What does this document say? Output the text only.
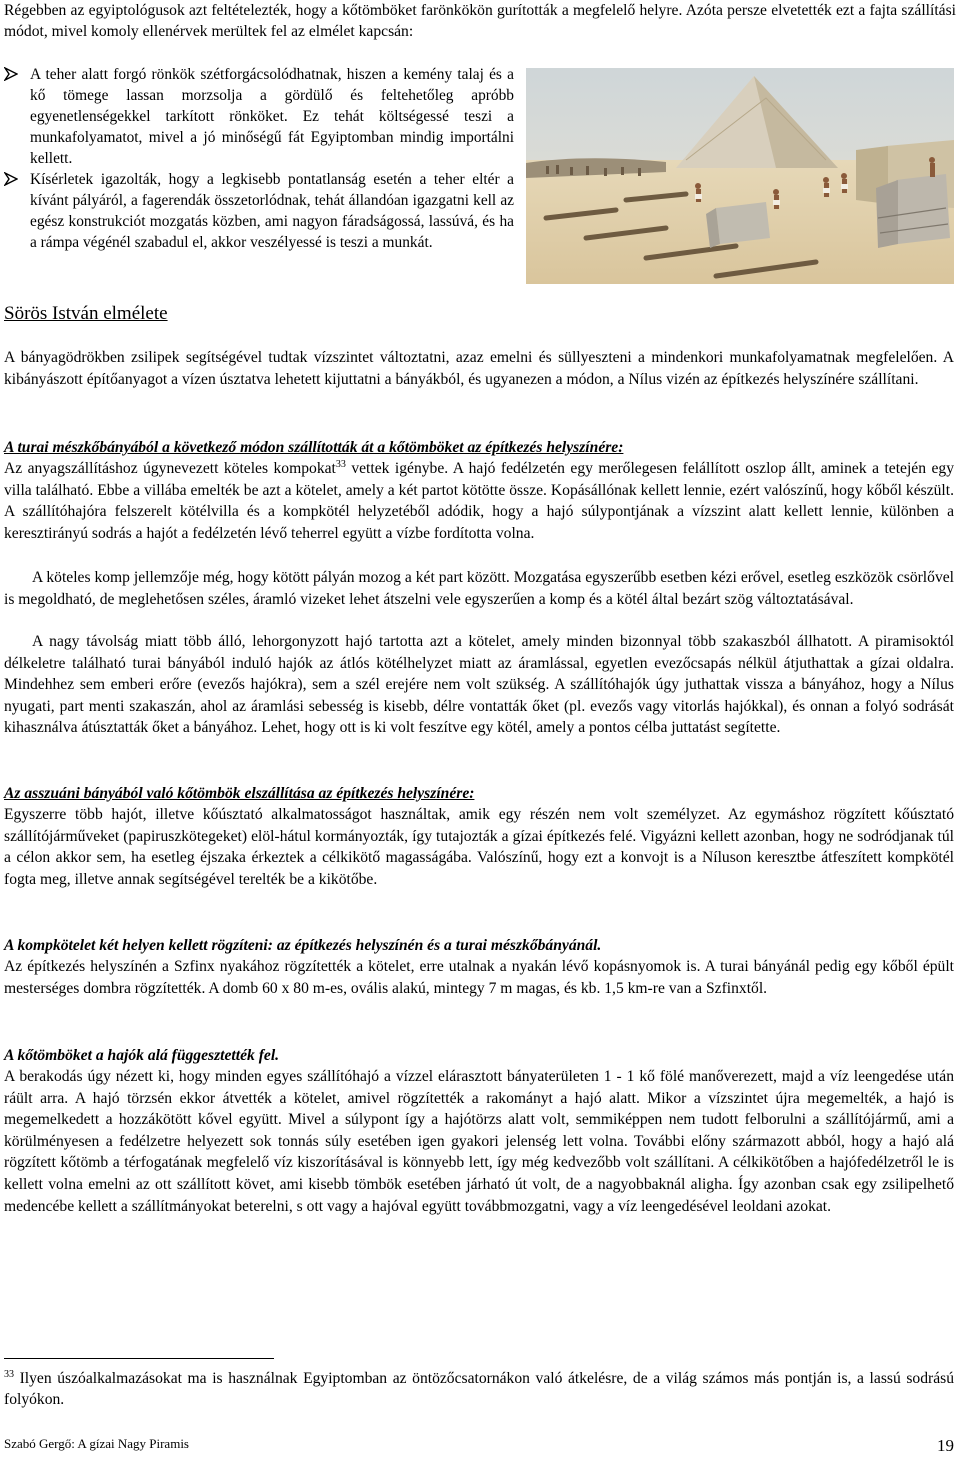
Régebben az egyiptológusok azt feltételezték, hogy a kőtömböket farönkökön gurították a megfelelő helyre. Azóta persze elvetették ezt a fajta szállítási módot, mivel komoly ellenérvek merültek fel az elmélet kapcsán:

A teher alatt forgó rönkök szétforgácsolódhatnak, hiszen a kemény talaj és a kő tömege lassan morzsolja a gördülő és feltehetőleg apróbb egyenetlenségekkel tarkított rönköket. Ez tehát költségessé teszi a munkafolyamatot, mivel a jó minőségű fát Egyiptomban mindig importálni kellett.
Kísérletek igazolták, hogy a legkisebb pontatlanság esetén a teher eltér a kívánt pályáról, a fagerendák összetorlódnak, tehát állandóan igazgatni kell az egész konstrukciót mozgatás közben, ami nagyon fáradságossá, lassúvá, és ha a rámpa végénél szabadul el, akkor veszélyessé is teszi a munkát.
Sörös István elmélete

A bányagödrökben zsilipek segítségével tudtak vízszintet változtatni, azaz emelni és süllyeszteni a mindenkori munkafolyamatnak megfelelően. A kibányászott építőanyagot a vízen úsztatva lehetett kijuttatni a bányákból, és ugyanezen a módon, a Nílus vizén az építkezés helyszínére szállítani.

A turai mészkőbányából a következő módon szállították át a kőtömböket az építkezés helyszínére:

Az anyagszállításhoz úgynevezett köteles kompokat$^{33}$ vettek igénybe. A hajó fedélzetén egy merőlegesen felállított oszlop állt, aminek a tetején egy villa található. Ebbe a villába emelték be azt a kötelet, amely a két partot kötötte össze. Kopásállónak kellett lennie, ezért valószínű, hogy kőből készült. A szállítóhajóra felszerelt kötélvilla és a kompkötél helyzetéből adódik, hogy a hajó súlypontjának a vízszint alatt kellett lennie, különben a keresztirányú sodrás a hajót a fedélzetén lévő teherrel együtt a vízbe fordította volna.

A köteles komp jellemzője még, hogy kötött pályán mozog a két part között. Mozgatása egyszerűbb esetben kézi erővel, esetleg eszközök csörlővel is megoldható, de meglehetősen széles, áramló vizeket lehet átszelni vele egyszerűen a komp és a kötél által bezárt szög változtatásával.

A nagy távolság miatt több álló, lehorgonyzott hajó tartotta azt a kötelet, amely minden bizonnyal több szakaszból állhatott. A piramisoktól délkeletre található turai bányából induló hajók az átlós kötélhelyzet miatt az áramlással, egyetlen evezőcsapás nélkül átjuthattak a gízai oldalra. Mindehhez sem emberi erőre (evezős hajókra), sem a szél erejére nem volt szükség. A szállítóhajók úgy juthattak vissza a bányához, hogy a Nílus nyugati, part menti szakaszán, ahol az áramlási sebesség is kisebb, délre vontatták őket (pl. evezős vagy vitorlás hajókkal), és onnan a folyó sodrását kihasználva átúsztatták őket a bányához. Lehet, hogy ott is ki volt feszítve egy kötél, amely a pontos célba juttatást segítette.

Az asszuáni bányából való kőtömbök elszállítása az építkezés helyszínére:

Egyszerre több hajót, illetve kőúsztató alkalmatosságot használtak, amik egy részén nem volt személyzet. Az egymáshoz rögzített kőúsztató szállítójárműveket (papiruszkötegeket) elöl-hátul kormányozták, így tutajozták a gízai építkezés felé. Vigyázni kellett azonban, hogy ne sodródjanak túl a célon akkor sem, ha esetleg éjszaka érkeztek a célkikötő magasságába. Valószínű, hogy ezt a konvojt is a Níluson keresztbe átfeszített kompkötél fogta meg, illetve annak segítségével terelték be a kikötőbe.

A kompkötelet két helyen kellett rögzíteni: az építkezés helyszínén és a turai mészkőbányánál.

Az építkezés helyszínén a Szfinx nyakához rögzítették a kötelet, erre utalnak a nyakán lévő kopásnyomok is. A turai bányánál pedig egy kőből épült mesterséges dombra rögzítették. A domb 60 x 80 m-es, ovális alakú, mintegy 7 m magas, és kb. 1,5 km-re van a Szfinxtől.

A kőtömböket a hajók alá függesztették fel.

A berakodás úgy nézett ki, hogy minden egyes szállítóhajó a vízzel elárasztott bányaterületen 1 - 1 kő fölé manőverezett, majd a víz leengedése után ráült arra. A hajó törzsén ekkor átvették a kötelet, amivel rögzítették a rakományt a hajó alatt. Mikor a vízszintet újra megemelték, a hajó is megemelkedett a hozzákötött kővel együtt. Mivel a súlypont így a hajótörzs alatt volt, semmiképpen nem tudott felborulni a szállítójármű, ami a körülményesen a fedélzetre helyezett sok tonnás súly esetében igen gyakori jelenség lett volna. További előny származott abból, hogy a hajó alá rögzített kőtömb a térfogatának megfelelő víz kiszorításával is könnyebb lett, így még kedvezőbb volt szállítani. A célkikötőben a hajófedélzetről le is kellett volna emelni az ott szállított követ, ami kisebb tömbök esetében járható út volt, de a nagyobbaknál aligha. Így azonban csak egy zsilipelhető medencébe kellett a szállítmányokat beterelni, s ott vagy a hajóval együtt továbbmozgatni, vagy a víz leengedésével leoldani azokat.

$^{33}$ Ilyen úszóalkalmazásokat ma is használnak Egyiptomban az öntözőcsatornákon való átkelésre, de a világ számos más pontján is, a lassú sodrású folyókon.

Szabó Gergő: A gízai Nagy Piramis	19
